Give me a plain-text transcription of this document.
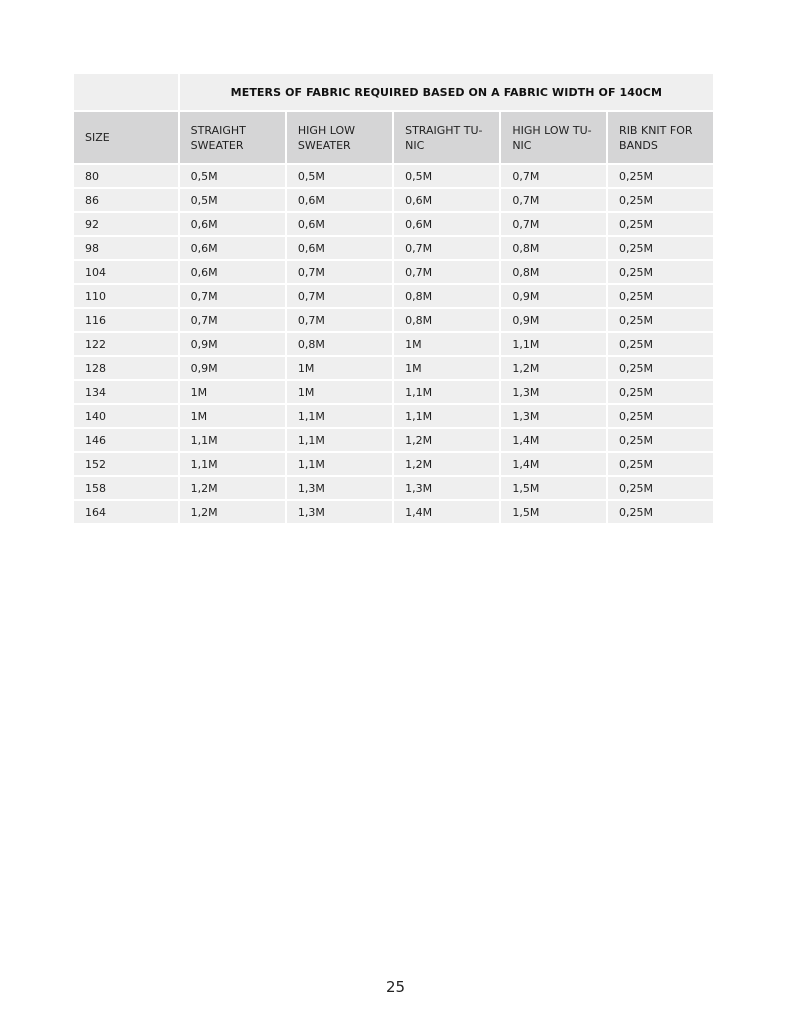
	METERS OF FABRIC REQUIRED BASED ON A FABRIC WIDTH OF 140CM				
SIZE	STRAIGHT SWEATER	HIGH LOW SWEATER	STRAIGHT TU-NIC	HIGH LOW TU-NIC	RIB KNIT FOR BANDS
80	0,5M	0,5M	0,5M	0,7M	0,25M
86	0,5M	0,6M	0,6M	0,7M	0,25M
92	0,6M	0,6M	0,6M	0,7M	0,25M
98	0,6M	0,6M	0,7M	0,8M	0,25M
104	0,6M	0,7M	0,7M	0,8M	0,25M
110	0,7M	0,7M	0,8M	0,9M	0,25M
116	0,7M	0,7M	0,8M	0,9M	0,25M
122	0,9M	0,8M	1M	1,1M	0,25M
128	0,9M	1M	1M	1,2M	0,25M
134	1M	1M	1,1M	1,3M	0,25M
140	1M	1,1M	1,1M	1,3M	0,25M
146	1,1M	1,1M	1,2M	1,4M	0,25M
152	1,1M	1,1M	1,2M	1,4M	0,25M
158	1,2M	1,3M	1,3M	1,5M	0,25M
164	1,2M	1,3M	1,4M	1,5M	0,25M
25
